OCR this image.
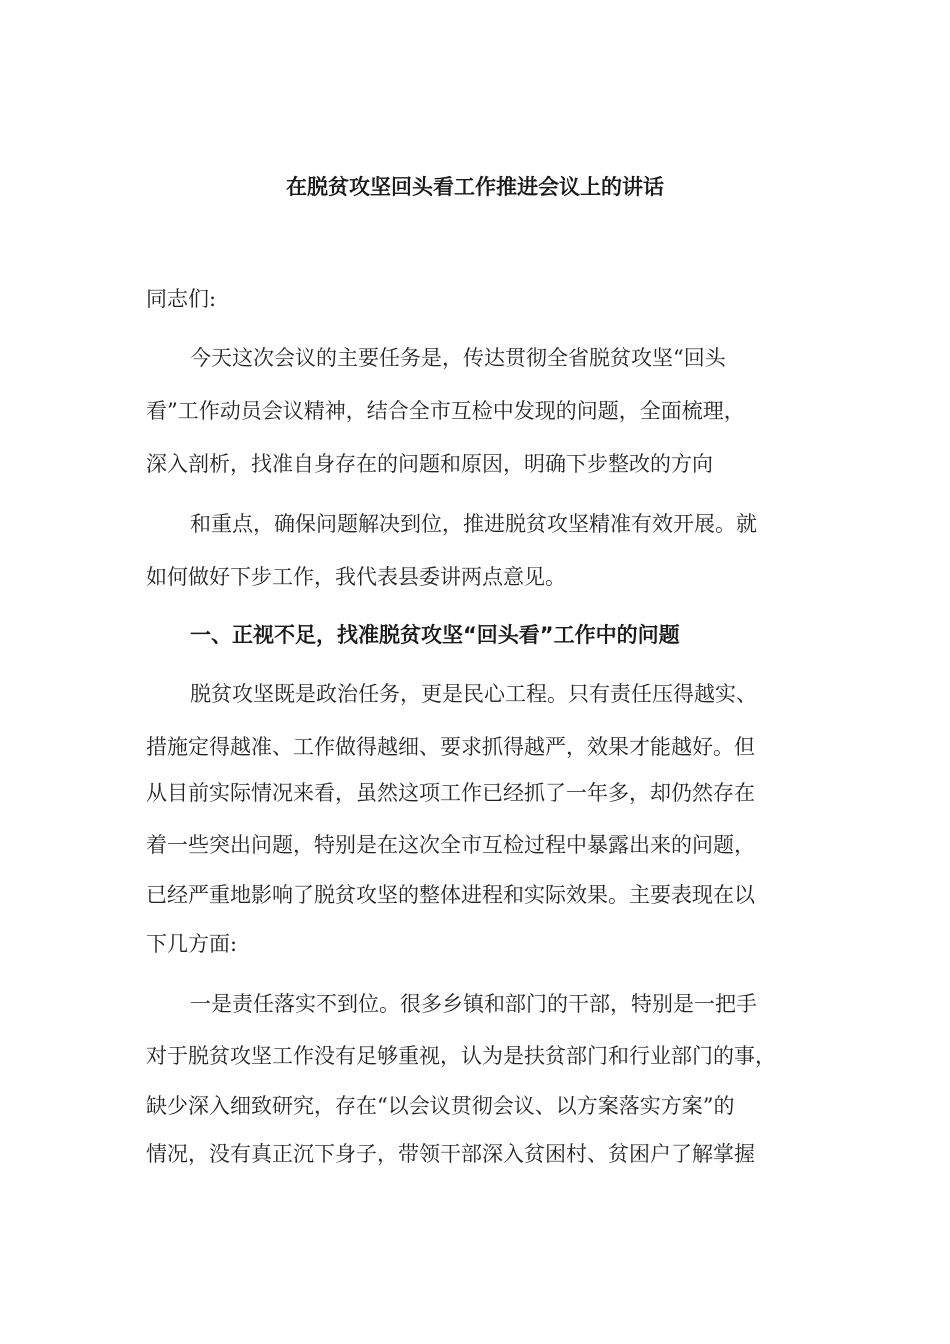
在脱贫攻坚回头看工作推进会议上的讲话
同志们:
今天这次会议的主要任务是，传达贯彻全省脱贫攻坚“回头
看”工作动员会议精神，结合全市互检中发现的问题，全面梳理，
深入剖析，找准自身存在的问题和原因，明确下步整改的方向
和重点，确保问题解决到位，推进脱贫攻坚精准有效开展。就
如何做好下步工作，我代表县委讲两点意见。
一、正视不足，找准脱贫攻坚“回头看”工作中的问题
脱贫攻坚既是政治任务，更是民心工程。只有责任压得越实、
措施定得越准、工作做得越细、要求抓得越严，效果才能越好。但
从目前实际情况来看，虽然这项工作已经抓了一年多，却仍然存在
着一些突出问题，特别是在这次全市互检过程中暴露出来的问题，
已经严重地影响了脱贫攻坚的整体进程和实际效果。主要表现在以
下几方面:
一是责任落实不到位。很多乡镇和部门的干部，特别是一把手
对于脱贫攻坚工作没有足够重视，认为是扶贫部门和行业部门的事，
缺少深入细致研究，存在“以会议贯彻会议、以方案落实方案”的
情况，没有真正沉下身子，带领干部深入贫困村、贫困户了解掌握
